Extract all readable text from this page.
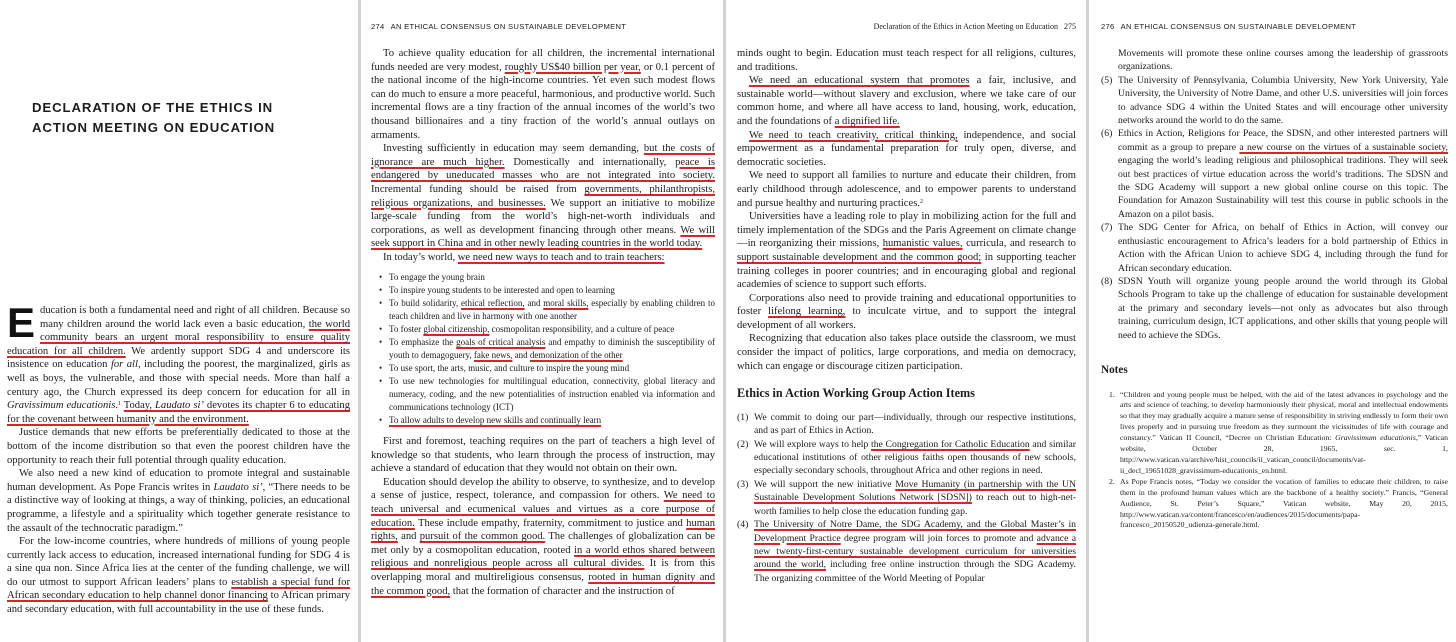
DECLARATION OF THE ETHICS IN ACTION MEETING ON EDUCATION

Education is both a fundamental need and right of all children. Because so many children around the world lack even a basic education, the world community bears an urgent moral responsibility to ensure quality education for all children. We ardently support SDG 4 and underscore its insistence on education for all, including the poorest, the marginalized, girls as well as boys, the vulnerable, and those with special needs. More than half a century ago, the Church expressed its deep concern for education for all in Gravissimum educationis.$^1$ Today, Laudato si’ devotes its chapter 6 to educating for the covenant between humanity and the environment.

Justice demands that new efforts be preferentially dedicated to those at the bottom of the income distribution so that even the poorest children have the opportunity to reach their full potential through quality education.

We also need a new kind of education to promote integral and sustainable human development. As Pope Francis writes in Laudato si’, “There needs to be a distinctive way of looking at things, a way of thinking, policies, an educational programme, a lifestyle and a spirituality which together generate resistance to the assault of the technocratic paradigm.”

For the low-income countries, where hundreds of millions of young people currently lack access to education, increased international funding for SDG 4 is a sine qua non. Since Africa lies at the center of the funding challenge, we will do our utmost to support African leaders’ plans to establish a special fund for African secondary education to help channel donor financing to African primary and secondary education, with full accountability in the use of these funds.

274 AN ETHICAL CONSENSUS ON SUSTAINABLE DEVELOPMENT

To achieve quality education for all children, the incremental international funds needed are very modest, roughly US$40 billion per year, or 0.1 percent of the national income of the high-income countries. Yet even such modest flows can do much to ensure a more peaceful, harmonious, and productive world. Such incremental flows are a tiny fraction of the annual incomes of the world’s two thousand billionaires and a tiny fraction of the world’s annual outlays on armaments.

Investing sufficiently in education may seem demanding, but the costs of ignorance are much higher. Domestically and internationally, peace is endangered by uneducated masses who are not integrated into society. Incremental funding should be raised from governments, philanthropists, religious organizations, and businesses. We support an initiative to mobilize large-scale funding from the world’s high-net-worth individuals and corporations, as well as development financing through other means. We will seek support in China and in other newly leading countries in the world today.

In today’s world, we need new ways to teach and to train teachers:

• To engage the young brain
• To inspire young students to be interested and open to learning
• To build solidarity, ethical reflection, and moral skills, especially by enabling children to teach children and live in harmony with one another
• To foster global citizenship, cosmopolitan responsibility, and a culture of peace
• To emphasize the goals of critical analysis and empathy to diminish the susceptibility of youth to demagoguery, fake news, and demonization of the other
• To use sport, the arts, music, and culture to inspire the young mind
• To use new technologies for multilingual education, connectivity, global literacy and numeracy, coding, and the new potentialities of instruction enabled via information and communications technology (ICT)
• To allow adults to develop new skills and continually learn

First and foremost, teaching requires on the part of teachers a high level of knowledge so that students, who learn through the process of instruction, may achieve a standard of education that they would not obtain on their own.

Education should develop the ability to observe, to synthesize, and to develop a sense of justice, respect, tolerance, and compassion for others. We need to teach universal and ecumenical values and virtues as a core purpose of education. These include empathy, fraternity, commitment to justice and human rights, and pursuit of the common good. The challenges of globalization can be met only by a cosmopolitan education, rooted in a world ethos shared between religious and nonreligious people across all cultural divides. It is from this overlapping moral and multireligious consensus, rooted in human dignity and the common good, that the formation of character and the instruction of

Declaration of the Ethics in Action Meeting on Education 275

minds ought to begin. Education must teach respect for all religions, cultures, and traditions.

We need an educational system that promotes a fair, inclusive, and sustainable world—without slavery and exclusion, where we take care of our common home, and where all have access to land, housing, work, education, and the foundations of a dignified life.

We need to teach creativity, critical thinking, independence, and social empowerment as a fundamental preparation for truly open, diverse, and democratic societies.

We need to support all families to nurture and educate their children, from early childhood through adolescence, and to empower parents to understand and pursue healthy and nurturing practices.$^2$

Universities have a leading role to play in mobilizing action for the full and timely implementation of the SDGs and the Paris Agreement on climate change—in reorganizing their missions, humanistic values, curricula, and research to support sustainable development and the common good; in supporting teacher training colleges in poorer countries; and in encouraging global and regional academies of science to support such efforts.

Corporations also need to provide training and educational opportunities to foster lifelong learning, to inculcate virtue, and to support the integral development of all workers.

Recognizing that education also takes place outside the classroom, we must consider the impact of politics, large corporations, and media on democracy, which can engage or discourage citizen participation.

Ethics in Action Working Group Action Items
(1) We commit to doing our part—individually, through our respective institutions, and as part of Ethics in Action.
(2) We will explore ways to help the Congregation for Catholic Education and similar educational institutions of other religious faiths open thousands of new schools, especially secondary schools, throughout Africa and other regions in need.
(3) We will support the new initiative Move Humanity (in partnership with the UN Sustainable Development Solutions Network [SDSN]) to reach out to high-net-worth families to help close the education funding gap.
(4) The University of Notre Dame, the SDG Academy, and the Global Master’s in Development Practice degree program will join forces to promote and advance a new twenty-first-century sustainable development curriculum for universities around the world, including free online instruction through the SDG Academy. The organizing committee of the World Meeting of Popular
276 AN ETHICAL CONSENSUS ON SUSTAINABLE DEVELOPMENT
Movements will promote these online courses among the leadership of grassroots organizations.
(5) The University of Pennsylvania, Columbia University, New York University, Yale University, the University of Notre Dame, and other U.S. universities will join forces to advance SDG 4 within the United States and will encourage other university networks around the world to do the same.
(6) Ethics in Action, Religions for Peace, the SDSN, and other interested partners will commit as a group to prepare a new course on the virtues of a sustainable society, engaging the world’s leading religious and philosophical traditions. They will seek out best practices of virtue education across the world’s traditions. The SDSN and the SDG Academy will support a new global online course on this topic. The Foundation for Amazon Sustainability will test this course in public schools in the Amazon on a pilot basis.
(7) The SDG Center for Africa, on behalf of Ethics in Action, will convey our enthusiastic encouragement to Africa’s leaders for a bold partnership of Ethics in Action with the African Union to achieve SDG 4, including through the fund for African secondary education.
(8) SDSN Youth will organize young people around the world through its Global Schools Program to take up the challenge of education for sustainable development at the primary and secondary levels—not only as advocates but also through training, curriculum design, ICT applications, and other skills that young people will need to achieve the SDGs.
Notes
1. “Children and young people must be helped, with the aid of the latest advances in psychology and the arts and science of teaching, to develop harmoniously their physical, moral and intellectual endowments so that they may gradually acquire a mature sense of responsibility in striving endlessly to form their own lives properly and in pursuing true freedom as they surmount the vicissitudes of life with courage and constancy.” Vatican II Council, “Decree on Christian Education: Gravissimum educationis,” Vatican website, October 28, 1965, sec. 1, http://www.vatican.va/archive/hist_councils/ii_vatican_council/documents/vat-ii_decl_19651028_gravissimum-educationis_en.html.
2. As Pope Francis notes, “Today we consider the vocation of families to educate their children, to raise them in the profound human values which are the backbone of a healthy society.” Francis, “General Audience, St. Peter’s Square,” Vatican website, May 20, 2015, http://www.vatican.va/content/francesco/en/audiences/2015/documents/papa-francesco_20150520_udienza-generale.html.
